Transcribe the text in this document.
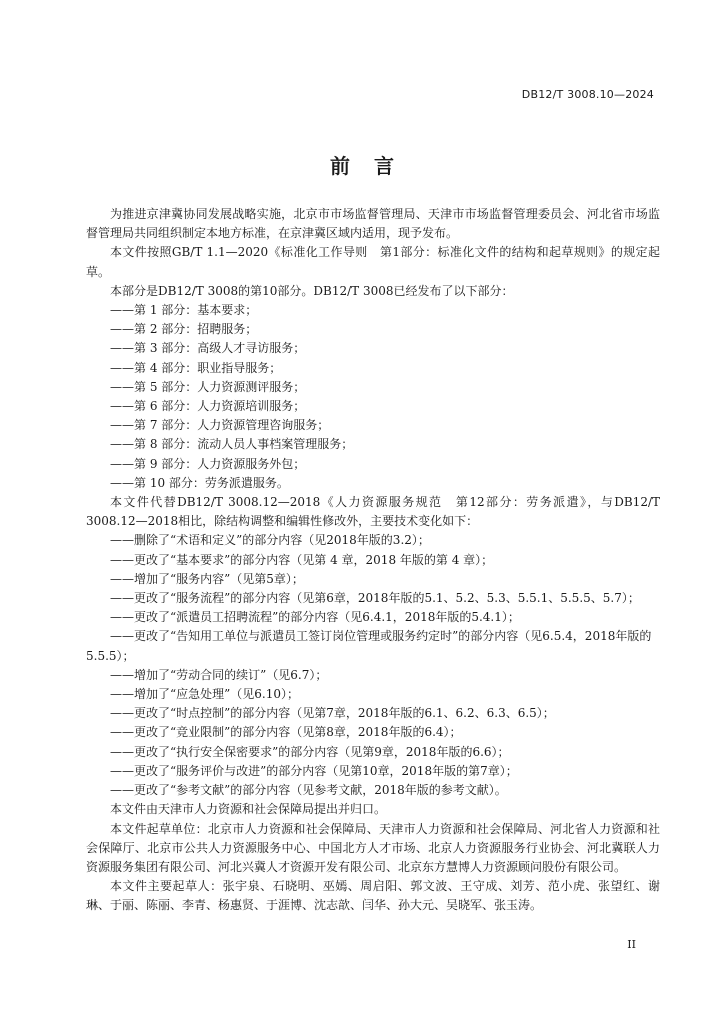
DB12/T 3008.10—2024
前 言

为推进京津冀协同发展战略实施，北京市市场监督管理局、天津市市场监督管理委员会、河北省市场监督管理局共同组织制定本地方标准，在京津冀区域内适用，现予发布。

本文件按照GB/T 1.1—2020《标准化工作导则　第1部分：标准化文件的结构和起草规则》的规定起草。

本部分是DB12/T 3008的第10部分。DB12/T 3008已经发布了以下部分：

——第 1 部分：基本要求；

——第 2 部分：招聘服务；

——第 3 部分：高级人才寻访服务；

——第 4 部分：职业指导服务；

——第 5 部分：人力资源测评服务；

——第 6 部分：人力资源培训服务；

——第 7 部分：人力资源管理咨询服务；

——第 8 部分：流动人员人事档案管理服务；

——第 9 部分：人力资源服务外包；

——第 10 部分：劳务派遣服务。

本文件代替DB12/T 3008.12—2018《人力资源服务规范　第12部分：劳务派遣》，与DB12/T 3008.12—2018相比，除结构调整和编辑性修改外，主要技术变化如下：

——删除了“术语和定义”的部分内容（见2018年版的3.2）；

——更改了“基本要求”的部分内容（见第 4 章，2018 年版的第 4 章）；

——增加了“服务内容”（见第5章）；

——更改了“服务流程”的部分内容（见第6章，2018年版的5.1、5.2、5.3、5.5.1、5.5.5、5.7）；

——更改了“派遣员工招聘流程”的部分内容（见6.4.1，2018年版的5.4.1）；

——更改了“告知用工单位与派遣员工签订岗位管理或服务约定时”的部分内容（见6.5.4，2018年版的5.5.5）；

——增加了“劳动合同的续订”（见6.7）；

——增加了“应急处理”（见6.10）；

——更改了“时点控制”的部分内容（见第7章，2018年版的6.1、6.2、6.3、6.5）；

——更改了“竞业限制”的部分内容（见第8章，2018年版的6.4）；

——更改了“执行安全保密要求”的部分内容（见第9章，2018年版的6.6）；

——更改了“服务评价与改进”的部分内容（见第10章，2018年版的第7章）；

——更改了“参考文献”的部分内容（见参考文献，2018年版的参考文献）。

本文件由天津市人力资源和社会保障局提出并归口。

本文件起草单位：北京市人力资源和社会保障局、天津市人力资源和社会保障局、河北省人力资源和社会保障厅、北京市公共人力资源服务中心、中国北方人才市场、北京人力资源服务行业协会、河北冀联人力资源服务集团有限公司、河北兴冀人才资源开发有限公司、北京东方慧博人力资源顾问股份有限公司。

本文件主要起草人：张宇泉、石晓明、巫嫣、周启阳、郭文波、王守成、刘芳、范小虎、张望红、谢琳、于丽、陈丽、李青、杨惠贤、于涯博、沈志歆、闫华、孙大元、吴晓军、张玉涛。

II
